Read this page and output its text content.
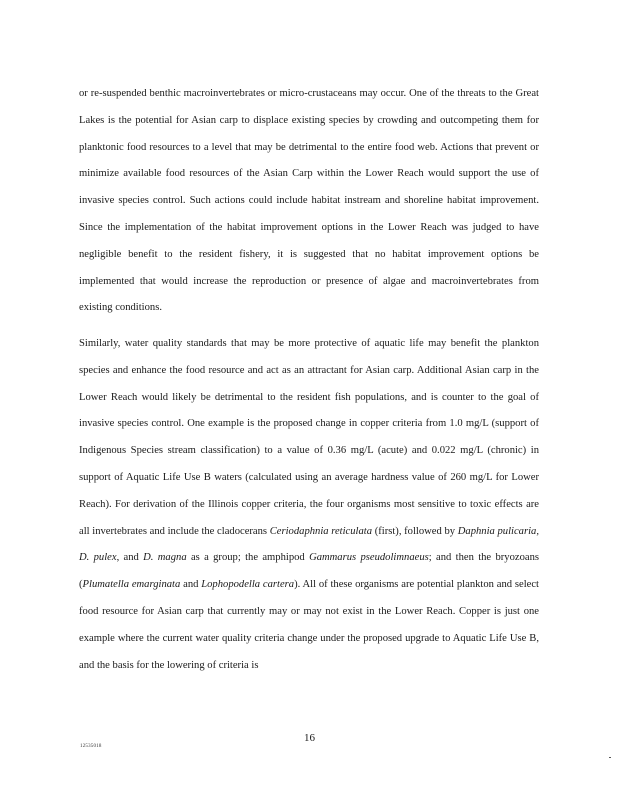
or re-suspended benthic macroinvertebrates or micro-crustaceans may occur. One of the threats to the Great Lakes is the potential for Asian carp to displace existing species by crowding and outcompeting them for planktonic food resources to a level that may be detrimental to the entire food web. Actions that prevent or minimize available food resources of the Asian Carp within the Lower Reach would support the use of invasive species control. Such actions could include habitat instream and shoreline habitat improvement. Since the implementation of the habitat improvement options in the Lower Reach was judged to have negligible benefit to the resident fishery, it is suggested that no habitat improvement options be implemented that would increase the reproduction or presence of algae and macroinvertebrates from existing conditions.

Similarly, water quality standards that may be more protective of aquatic life may benefit the plankton species and enhance the food resource and act as an attractant for Asian carp. Additional Asian carp in the Lower Reach would likely be detrimental to the resident fish populations, and is counter to the goal of invasive species control. One example is the proposed change in copper criteria from 1.0 mg/L (support of Indigenous Species stream classification) to a value of 0.36 mg/L (acute) and 0.022 mg/L (chronic) in support of Aquatic Life Use B waters (calculated using an average hardness value of 260 mg/L for Lower Reach). For derivation of the Illinois copper criteria, the four organisms most sensitive to toxic effects are all invertebrates and include the cladocerans Ceriodaphnia reticulata (first), followed by Daphnia pulicaria, D. pulex, and D. magna as a group; the amphipod Gammarus pseudolimnaeus; and then the bryozoans (Plumatella emarginata and Lophopodella cartera). All of these organisms are potential plankton and select food resource for Asian carp that currently may or may not exist in the Lower Reach. Copper is just one example where the current water quality criteria change under the proposed upgrade to Aquatic Life Use B, and the basis for the lowering of criteria is

16
12535018
